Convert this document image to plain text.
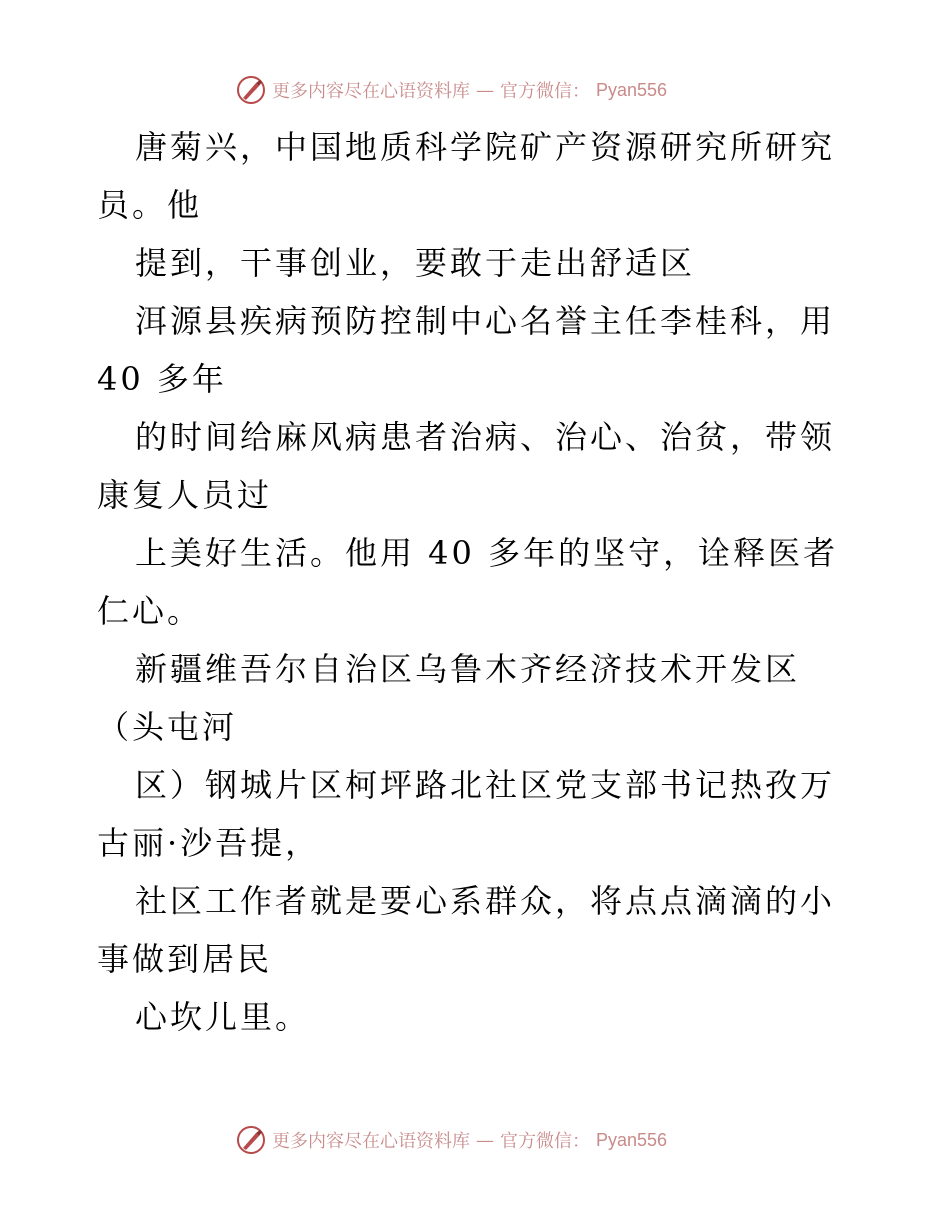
更多内容尽在心语资料库 — 官方微信： Pyan556

唐菊兴，中国地质科学院矿产资源研究所研究员。他

提到，干事创业，要敢于走出舒适区

洱源县疾病预防控制中心名誉主任李桂科，用 40 多年

的时间给麻风病患者治病、治心、治贫，带领康复人员过

上美好生活。他用 40 多年的坚守，诠释医者仁心。

新疆维吾尔自治区乌鲁木齐经济技术开发区（头屯河

区）钢城片区柯坪路北社区党支部书记热孜万古丽·沙吾提，

社区工作者就是要心系群众，将点点滴滴的小事做到居民

心坎儿里。

更多内容尽在心语资料库 — 官方微信： Pyan556
